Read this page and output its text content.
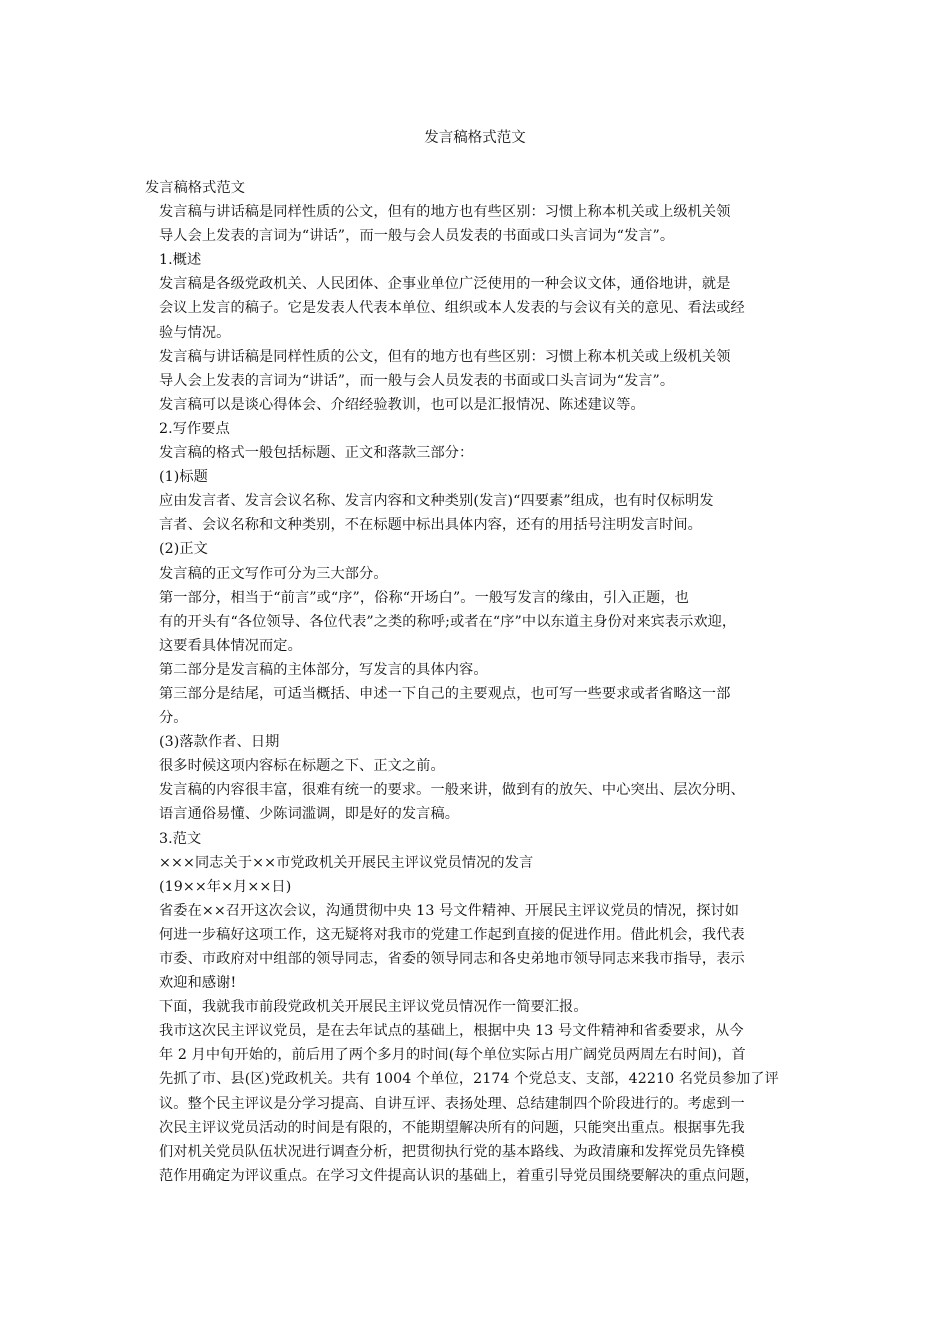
发言稿格式范文

发言稿格式范文

发言稿与讲话稿是同样性质的公文，但有的地方也有些区别：习惯上称本机关或上级机关领
导人会上发表的言词为“讲话”，而一般与会人员发表的书面或口头言词为“发言”。

1.概述

发言稿是各级党政机关、人民团体、企事业单位广泛使用的一种会议文体，通俗地讲，就是
会议上发言的稿子。它是发表人代表本单位、组织或本人发表的与会议有关的意见、看法或经
验与情况。

发言稿与讲话稿是同样性质的公文，但有的地方也有些区别：习惯上称本机关或上级机关领
导人会上发表的言词为“讲话”，而一般与会人员发表的书面或口头言词为“发言”。

发言稿可以是谈心得体会、介绍经验教训，也可以是汇报情况、陈述建议等。

2.写作要点

发言稿的格式一般包括标题、正文和落款三部分：

(1)标题

应由发言者、发言会议名称、发言内容和文种类别(发言)“四要素”组成，也有时仅标明发
言者、会议名称和文种类别，不在标题中标出具体内容，还有的用括号注明发言时间。

(2)正文

发言稿的正文写作可分为三大部分。

第一部分，相当于“前言”或“序”，俗称“开场白”。一般写发言的缘由，引入正题，也
有的开头有“各位领导、各位代表”之类的称呼;或者在“序”中以东道主身份对来宾表示欢迎，
这要看具体情况而定。

第二部分是发言稿的主体部分，写发言的具体内容。

第三部分是结尾，可适当概括、申述一下自己的主要观点，也可写一些要求或者省略这一部
分。

(3)落款作者、日期

很多时候这项内容标在标题之下、正文之前。

发言稿的内容很丰富，很难有统一的要求。一般来讲，做到有的放矢、中心突出、层次分明、
语言通俗易懂、少陈词滥调，即是好的发言稿。

3.范文

×××同志关于××市党政机关开展民主评议党员情况的发言

(19××年×月××日)

省委在××召开这次会议，沟通贯彻中央 13 号文件精神、开展民主评议党员的情况，探讨如
何进一步稿好这项工作，这无疑将对我市的党建工作起到直接的促进作用。借此机会，我代表
市委、市政府对中组部的领导同志，省委的领导同志和各史弟地市领导同志来我市指导，表示
欢迎和感谢!

下面，我就我市前段党政机关开展民主评议党员情况作一简要汇报。

我市这次民主评议党员，是在去年试点的基础上，根据中央 13 号文件精神和省委要求，从今
年 2 月中旬开始的，前后用了两个多月的时间(每个单位实际占用广阔党员两周左右时间)，首
先抓了市、县(区)党政机关。共有 1004 个单位，2174 个党总支、支部，42210 名党员参加了评
议。整个民主评议是分学习提高、自讲互评、表扬处理、总结建制四个阶段进行的。考虑到一
次民主评议党员活动的时间是有限的，不能期望解决所有的问题，只能突出重点。根据事先我
们对机关党员队伍状况进行调查分析，把贯彻执行党的基本路线、为政清廉和发挥党员先锋模
范作用确定为评议重点。在学习文件提高认识的基础上，着重引导党员围绕要解决的重点问题，
